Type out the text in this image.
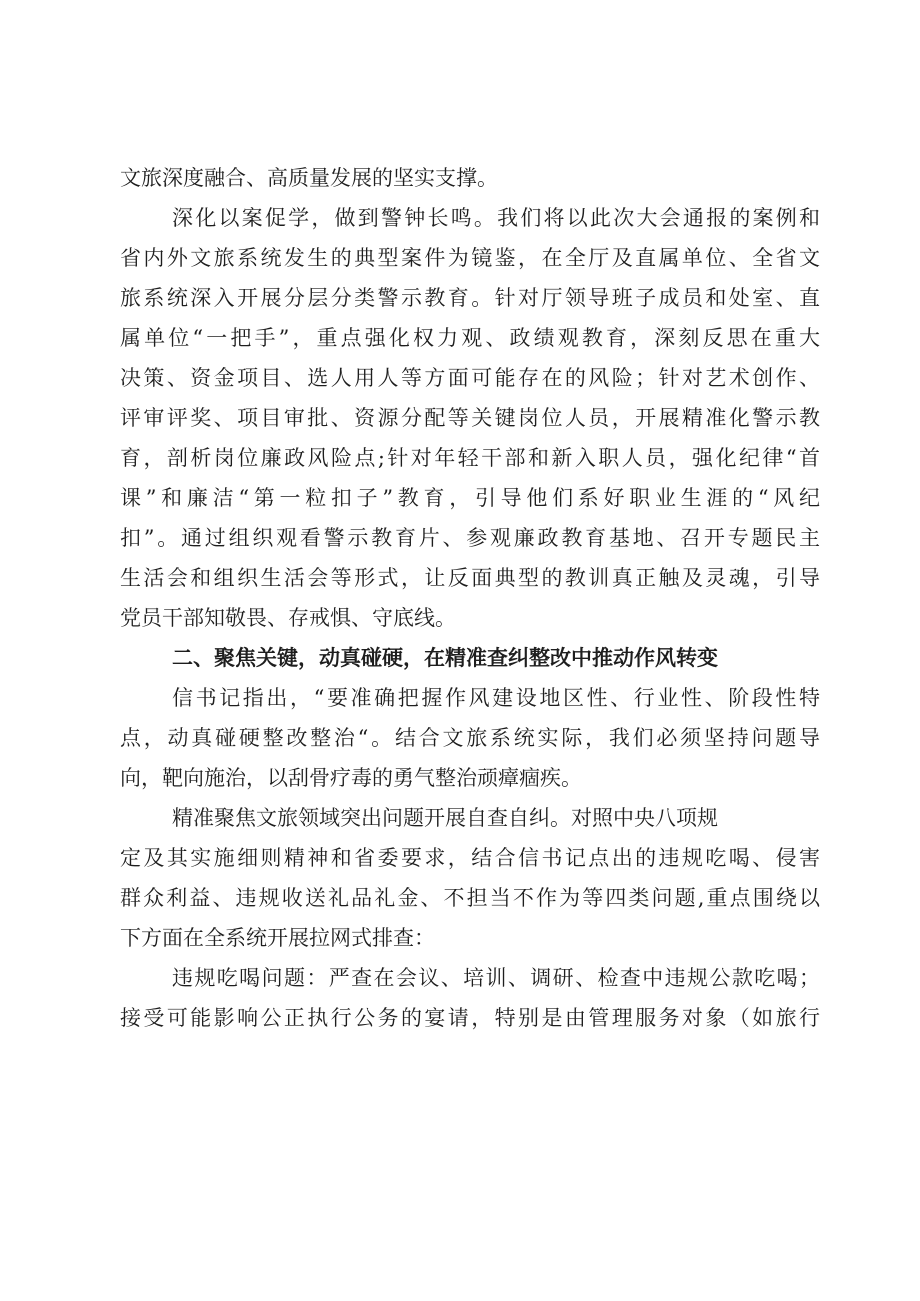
文旅深度融合、高质量发展的坚实支撑。
深化以案促学，做到警钟长鸣。我们将以此次大会通报的案例和
省内外文旅系统发生的典型案件为镜鉴，在全厅及直属单位、全省文
旅系统深入开展分层分类警示教育。针对厅领导班子成员和处室、直
属单位“一把手”，重点强化权力观、政绩观教育，深刻反思在重大
决策、资金项目、选人用人等方面可能存在的风险；针对艺术创作、
评审评奖、项目审批、资源分配等关键岗位人员，开展精准化警示教
育，剖析岗位廉政风险点;针对年轻干部和新入职人员，强化纪律“首
课”和廉洁“第一粒扣子”教育，引导他们系好职业生涯的“风纪
扣”。通过组织观看警示教育片、参观廉政教育基地、召开专题民主
生活会和组织生活会等形式，让反面典型的教训真正触及灵魂，引导
党员干部知敬畏、存戒惧、守底线。
二、聚焦关键，动真碰硬，在精准查纠整改中推动作风转变
信书记指出，“要准确把握作风建设地区性、行业性、阶段性特
点，动真碰硬整改整治“。结合文旅系统实际，我们必须坚持问题导
向，靶向施治，以刮骨疗毒的勇气整治顽瘴痼疾。
精准聚焦文旅领域突出问题开展自查自纠。对照中央八项规
定及其实施细则精神和省委要求，结合信书记点出的违规吃喝、侵害
群众利益、违规收送礼品礼金、不担当不作为等四类问题,重点围绕以
下方面在全系统开展拉网式排查：
违规吃喝问题：严查在会议、培训、调研、检查中违规公款吃喝；
接受可能影响公正执行公务的宴请，特别是由管理服务对象（如旅行
